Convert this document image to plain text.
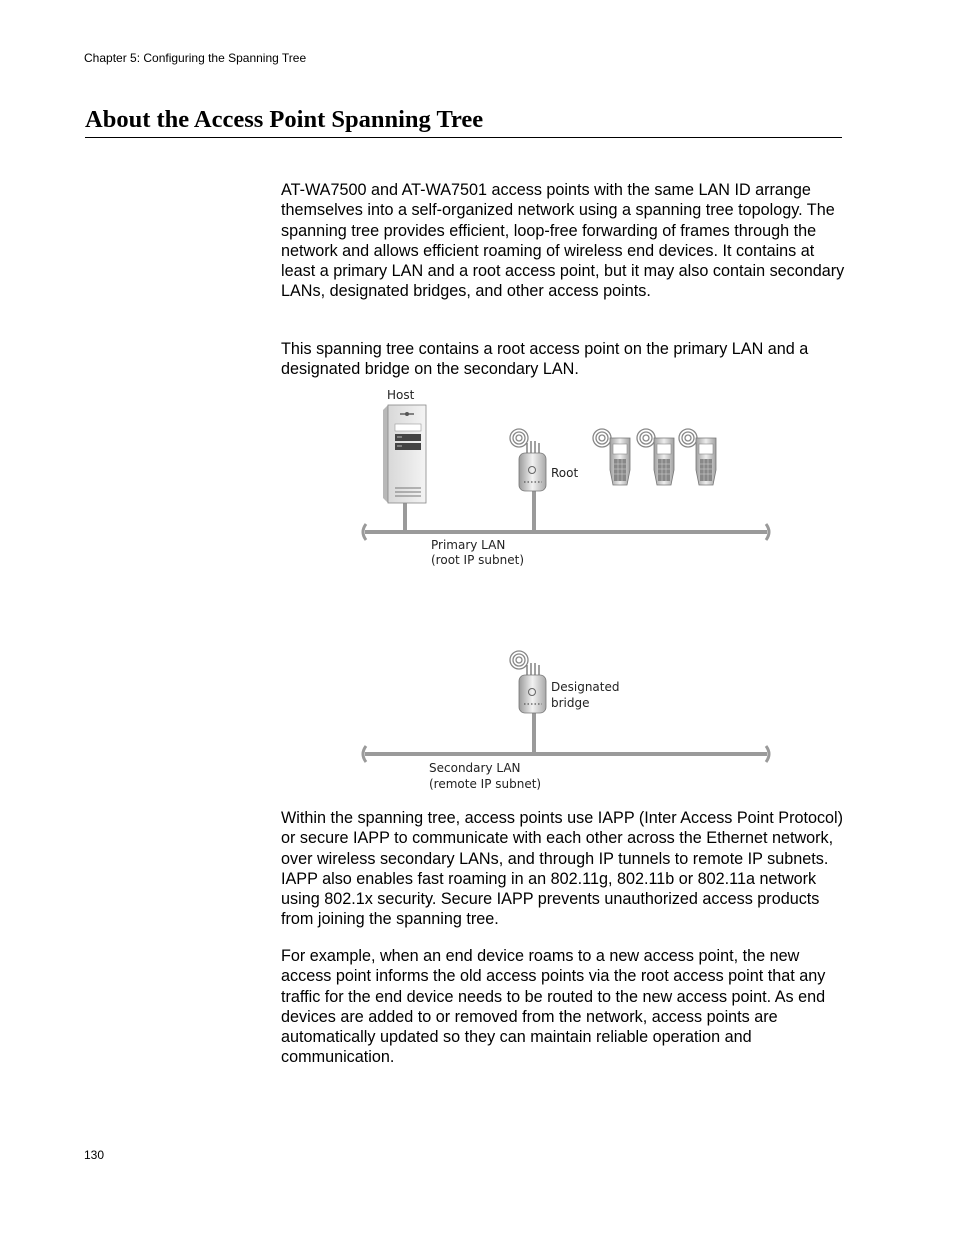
Chapter 5: Configuring the Spanning Tree
About the Access Point Spanning Tree

AT-WA7500 and AT-WA7501 access points with the same LAN ID arrange themselves into a self-organized network using a spanning tree topology. The spanning tree provides efficient, loop-free forwarding of frames through the network and allows efficient roaming of wireless end devices. It contains at least a primary LAN and a root access point, but it may also contain secondary LANs, designated bridges, and other access points.

This spanning tree contains a root access point on the primary LAN and a designated bridge on the secondary LAN.

Host
Root
Primary LAN
(root IP subnet)
Designated
bridge
Secondary LAN
(remote IP subnet)

Within the spanning tree, access points use IAPP (Inter Access Point Protocol) or secure IAPP to communicate with each other across the Ethernet network, over wireless secondary LANs, and through IP tunnels to remote IP subnets. IAPP also enables fast roaming in an 802.11g, 802.11b or 802.11a network using 802.1x security. Secure IAPP prevents unauthorized access products from joining the spanning tree.

For example, when an end device roams to a new access point, the new access point informs the old access points via the root access point that any traffic for the end device needs to be routed to the new access point. As end devices are added to or removed from the network, access points are automatically updated so they can maintain reliable operation and communication.

130
